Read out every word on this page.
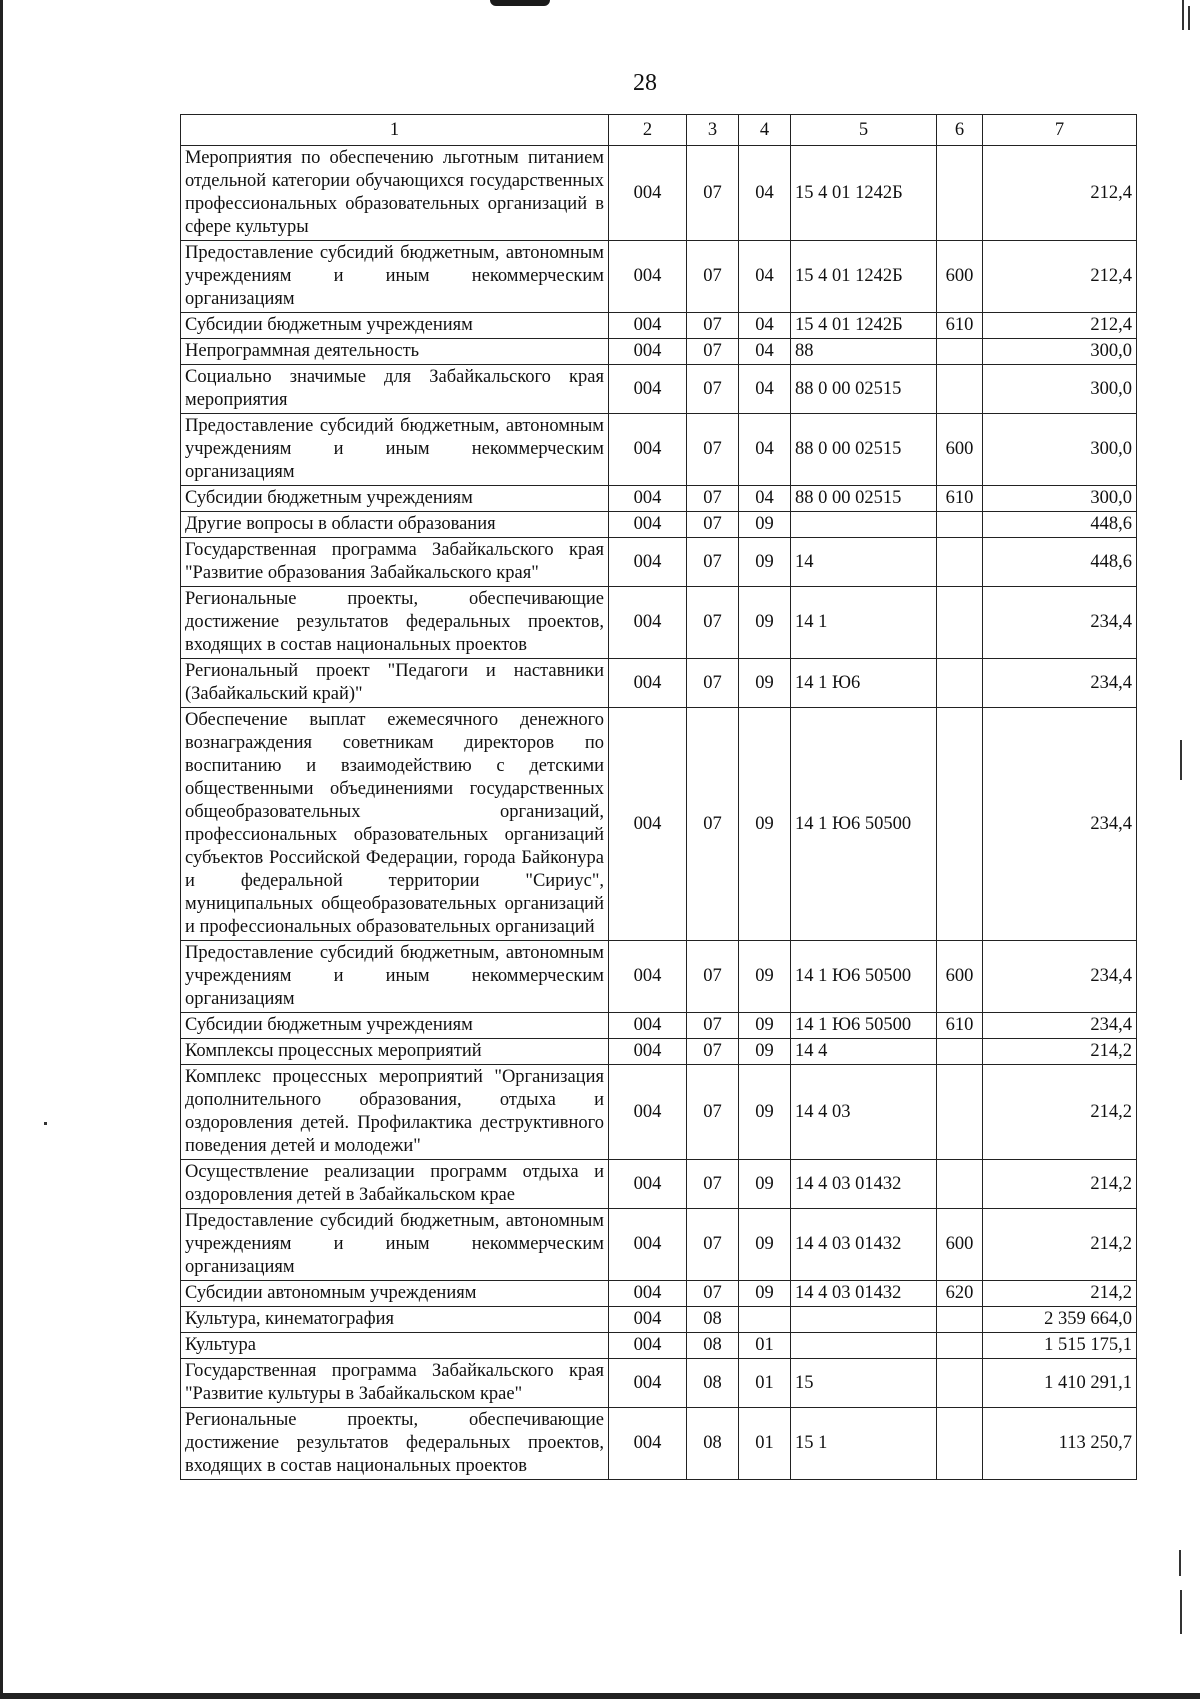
28
1	2	3	4	5	6	7
Мероприятия по обеспечению льготным питанием отдельной категории обучающихся государственных профессиональных образовательных организаций в сфере культуры	004	07	04	15 4 01 1242Б		212,4
Предоставление субсидий бюджетным, автономным учреждениям и иным некоммерческим организациям	004	07	04	15 4 01 1242Б	600	212,4
Субсидии бюджетным учреждениям	004	07	04	15 4 01 1242Б	610	212,4
Непрограммная деятельность	004	07	04	88		300,0
Социально значимые для Забайкальского края мероприятия	004	07	04	88 0 00 02515		300,0
Предоставление субсидий бюджетным, автономным учреждениям и иным некоммерческим организациям	004	07	04	88 0 00 02515	600	300,0
Субсидии бюджетным учреждениям	004	07	04	88 0 00 02515	610	300,0
Другие вопросы в области образования	004	07	09			448,6
Государственная программа Забайкальского края "Развитие образования Забайкальского края"	004	07	09	14		448,6
Региональные проекты, обеспечивающие достижение результатов федеральных проектов, входящих в состав национальных проектов	004	07	09	14 1		234,4
Региональный проект "Педагоги и наставники (Забайкальский край)"	004	07	09	14 1 Ю6		234,4
Обеспечение выплат ежемесячного денежного вознаграждения советникам директоров по воспитанию и взаимодействию с детскими общественными объединениями государственных общеобразовательных организаций, профессиональных образовательных организаций субъектов Российской Федерации, города Байконура и федеральной территории "Сириус", муниципальных общеобразовательных организаций и профессиональных образовательных организаций	004	07	09	14 1 Ю6 50500		234,4
Предоставление субсидий бюджетным, автономным учреждениям и иным некоммерческим организациям	004	07	09	14 1 Ю6 50500	600	234,4
Субсидии бюджетным учреждениям	004	07	09	14 1 Ю6 50500	610	234,4
Комплексы процессных мероприятий	004	07	09	14 4		214,2
Комплекс процессных мероприятий "Организация дополнительного образования, отдыха и оздоровления детей. Профилактика деструктивного поведения детей и молодежи"	004	07	09	14 4 03		214,2
Осуществление реализации программ отдыха и оздоровления детей в Забайкальском крае	004	07	09	14 4 03 01432		214,2
Предоставление субсидий бюджетным, автономным учреждениям и иным некоммерческим организациям	004	07	09	14 4 03 01432	600	214,2
Субсидии автономным учреждениям	004	07	09	14 4 03 01432	620	214,2
Культура, кинематография	004	08				2 359 664,0
Культура	004	08	01			1 515 175,1
Государственная программа Забайкальского края "Развитие культуры в Забайкальском крае"	004	08	01	15		1 410 291,1
Региональные проекты, обеспечивающие достижение результатов федеральных проектов, входящих в состав национальных проектов	004	08	01	15 1		113 250,7
